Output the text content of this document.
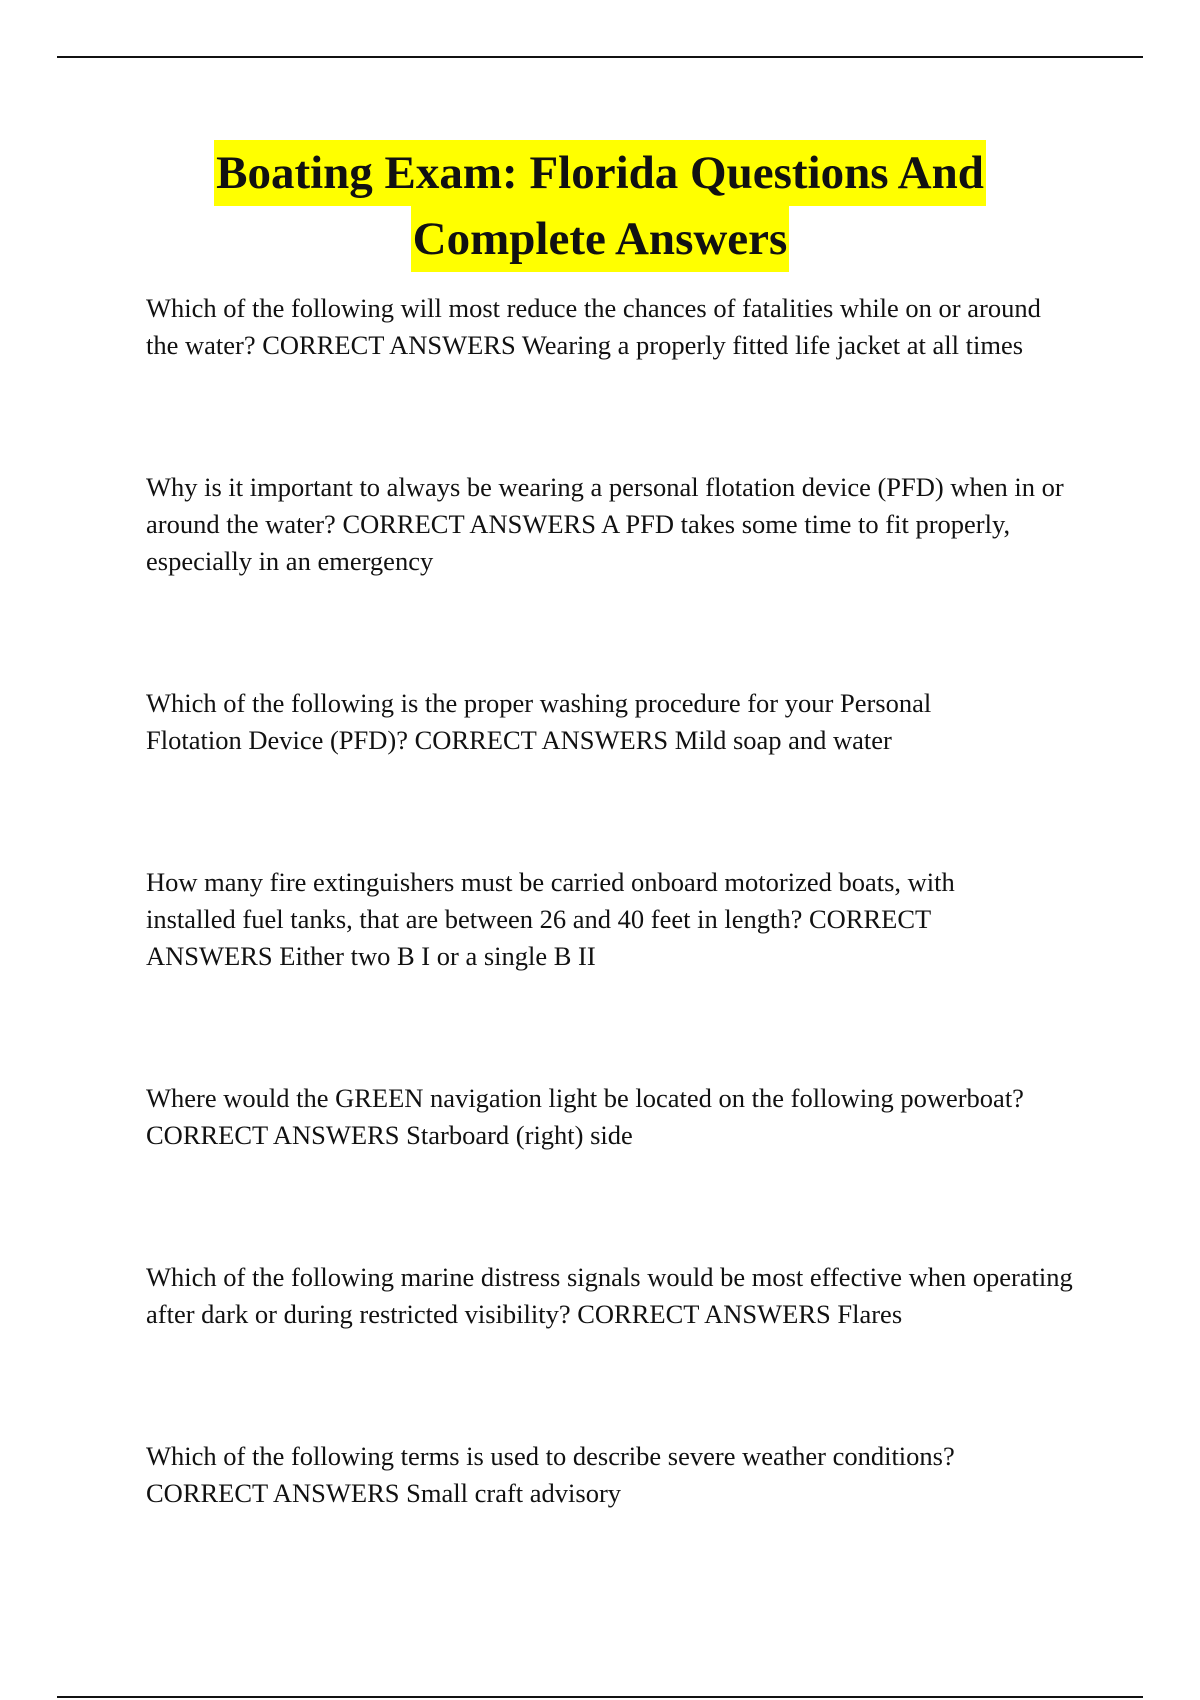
Boating Exam: Florida Questions And
Complete Answers

Which of the following will most reduce the chances of fatalities while on or around the water? CORRECT ANSWERS Wearing a properly fitted life jacket at all times

Why is it important to always be wearing a personal flotation device (PFD) when in or around the water? CORRECT ANSWERS A PFD takes some time to fit properly, especially in an emergency

Which of the following is the proper washing procedure for your Personal Flotation Device (PFD)? CORRECT ANSWERS Mild soap and water

How many fire extinguishers must be carried onboard motorized boats, with installed fuel tanks, that are between 26 and 40 feet in length? CORRECT ANSWERS Either two B I or a single B II

Where would the GREEN navigation light be located on the following powerboat? CORRECT ANSWERS Starboard (right) side

Which of the following marine distress signals would be most effective when operating after dark or during restricted visibility? CORRECT ANSWERS Flares

Which of the following terms is used to describe severe weather conditions? CORRECT ANSWERS Small craft advisory
